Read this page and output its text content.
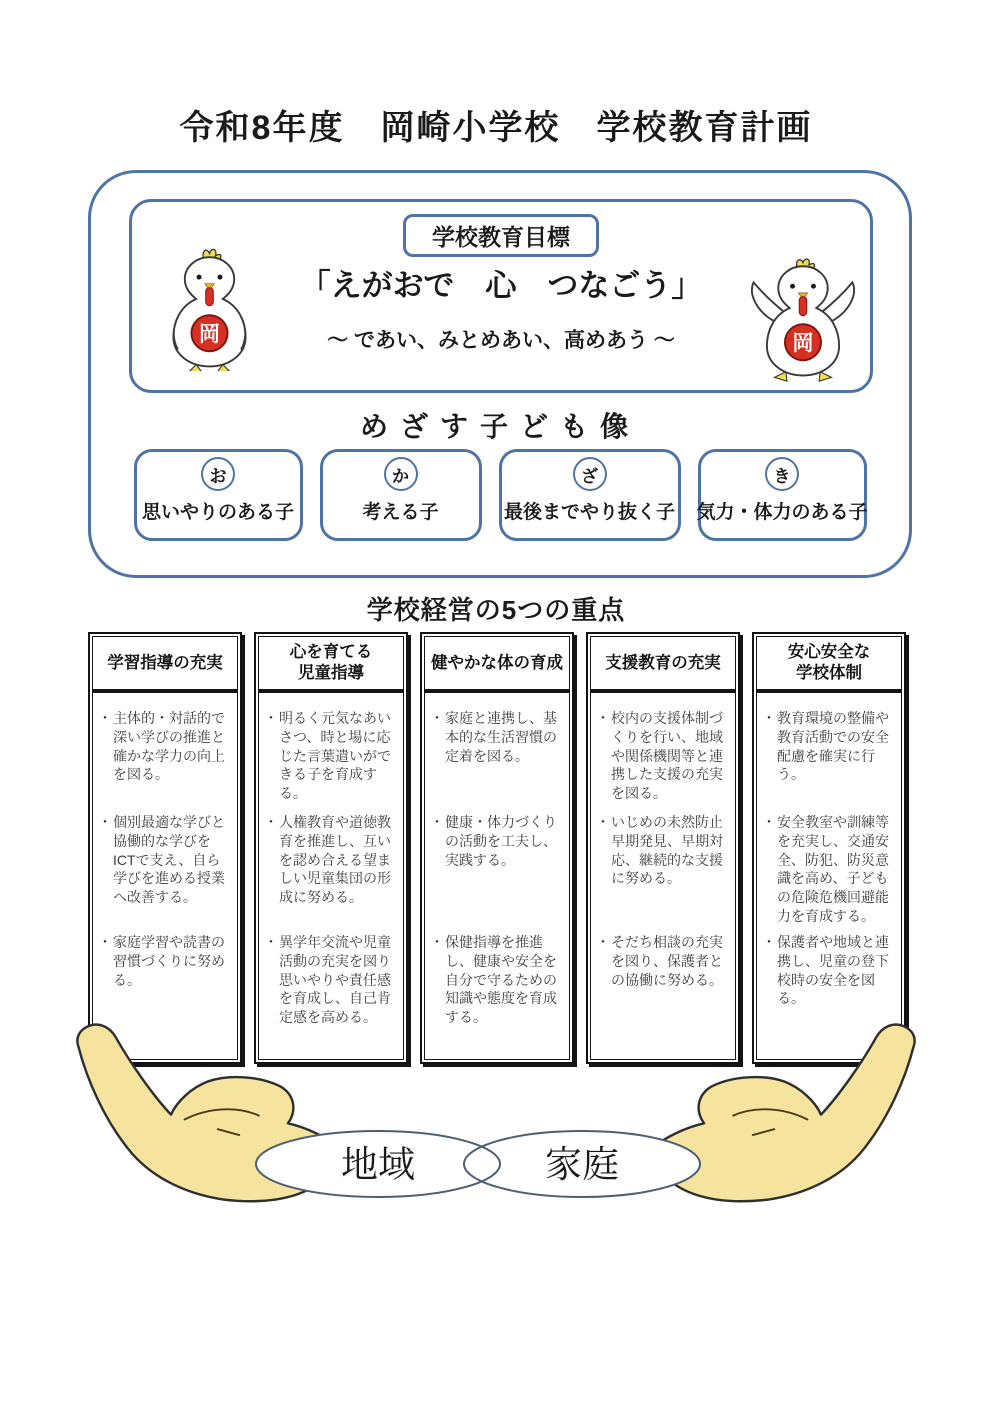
令和8年度　岡崎小学校　学校教育計画
学校教育目標
「えがおで　心　つなごう」
～ であい、みとめあい、高めあう ～
岡	岡
めざす子ども像
お
思いやりのある子
か
考える子
ざ
最後までやり抜く子
き
気力・体力のある子
学校経営の5つの重点
学習指導の充実
・ 主体的・対話的で深い学びの推進と確かな学力の向上を図る。
・ 個別最適な学びと協働的な学びをICTで支え、自ら学びを進める授業へ改善する。
・ 家庭学習や読書の習慣づくりに努める。
心を育てる
児童指導
・ 明るく元気なあいさつ、時と場に応じた言葉遣いができる子を育成する。
・ 人権教育や道徳教育を推進し、互いを認め合える望ましい児童集団の形成に努める。
・ 異学年交流や児童活動の充実を図り思いやりや責任感を育成し、自己肯定感を高める。
健やかな体の育成
・ 家庭と連携し、基本的な生活習慣の定着を図る。
・ 健康・体力づくりの活動を工夫し、実践する。
・ 保健指導を推進し、健康や安全を自分で守るための知識や態度を育成する。
支援教育の充実
・ 校内の支援体制づくりを行い、地域や関係機関等と連携した支援の充実を図る。
・ いじめの未然防止早期発見、早期対応、継続的な支援に努める。
・ そだち相談の充実を図り、保護者との協働に努める。
安心安全な
学校体制
・ 教育環境の整備や教育活動での安全配慮を確実に行う。
・ 安全教室や訓練等を充実し、交通安全、防犯、防災意識を高め、子どもの危険危機回避能力を育成する。
・ 保護者や地域と連携し、児童の登下校時の安全を図る。
地域	家庭
